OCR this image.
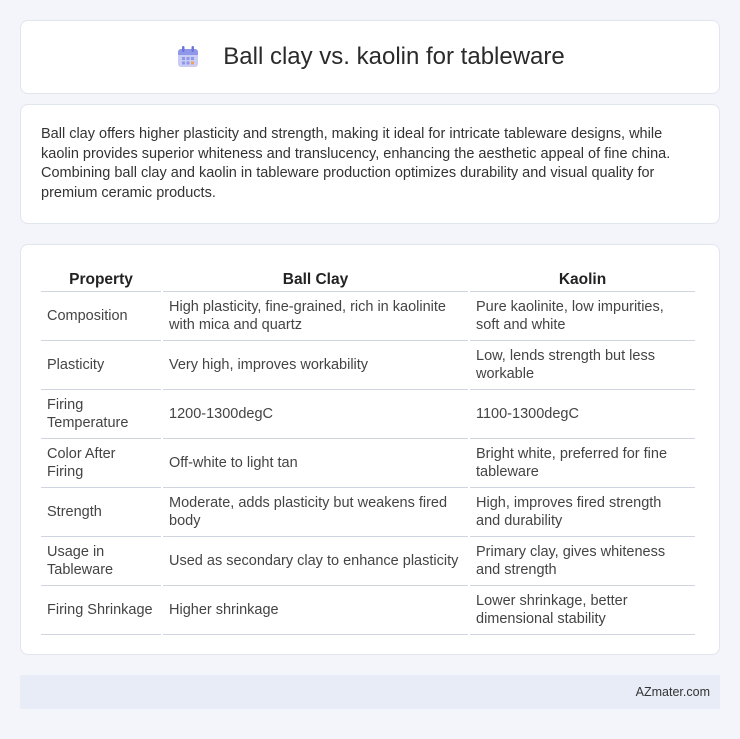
Ball clay vs. kaolin for tableware

Ball clay offers higher plasticity and strength, making it ideal for intricate tableware designs, while kaolin provides superior whiteness and translucency, enhancing the aesthetic appeal of fine china. Combining ball clay and kaolin in tableware production optimizes durability and visual quality for premium ceramic products.

Property	Ball Clay	Kaolin
Composition	High plasticity, fine-grained, rich in kaolinite with mica and quartz	Pure kaolinite, low impurities, soft and white
Plasticity	Very high, improves workability	Low, lends strength but less workable
Firing Temperature	1200-1300degC	1100-1300degC
Color After Firing	Off-white to light tan	Bright white, preferred for fine tableware
Strength	Moderate, adds plasticity but weakens fired body	High, improves fired strength and durability
Usage in Tableware	Used as secondary clay to enhance plasticity	Primary clay, gives whiteness and strength
Firing Shrinkage	Higher shrinkage	Lower shrinkage, better dimensional stability
AZmater.com
